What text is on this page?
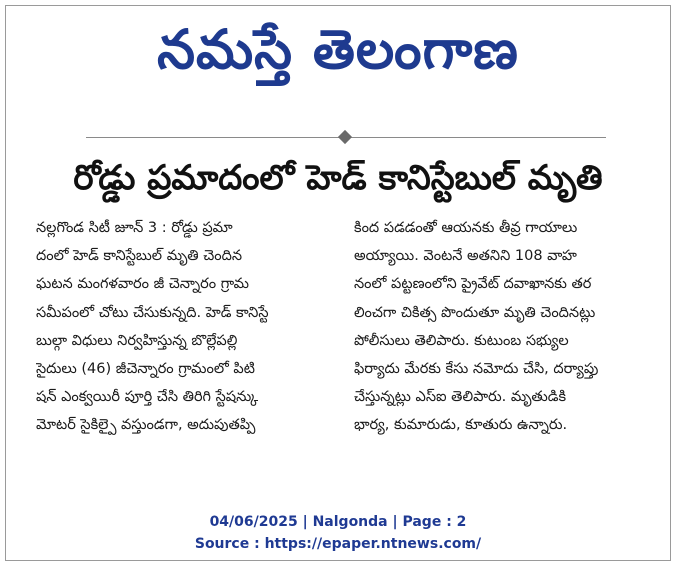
నమస్తే తెలంగాణ
రోడ్డు ప్రమాదంలో హెడ్ కానిస్టేబుల్ మృతి
నల్లగొండ సిటీ జూన్ 3 : రోడ్డు ప్రమా
దంలో హెడ్ కానిస్టేబుల్ మృతి చెందిన
ఘటన మంగళవారం జీ చెన్నారం గ్రామ
సమీపంలో చోటు చేసుకున్నది. హెడ్ కానిస్టే
బుల్గా విధులు నిర్వహిస్తున్న బొల్లేపల్లి
సైదులు (46) జీచెన్నారం గ్రామంలో పిటి
షన్ ఎంక్వయిరీ పూర్తి చేసి తిరిగి స్టేషన్కు
మోటర్ సైకిల్పై వస్తుండగా, అదుపుతప్పి
కింద పడడంతో ఆయనకు తీవ్ర గాయాలు
అయ్యాయి. వెంటనే అతనిని 108 వాహ
నంలో పట్టణంలోని ప్రైవేట్ దవాఖానకు తర
లించగా చికిత్స పొందుతూ మృతి చెందినట్లు
పోలీసులు తెలిపారు. కుటుంబ సభ్యుల
ఫిర్యాదు మేరకు కేసు నమోదు చేసి, దర్యాప్తు
చేస్తున్నట్లు ఎస్ఐ తెలిపారు. మృతుడికి
భార్య, కుమారుడు, కూతురు ఉన్నారు.
04/06/2025 | Nalgonda | Page : 2
Source : https://epaper.ntnews.com/
